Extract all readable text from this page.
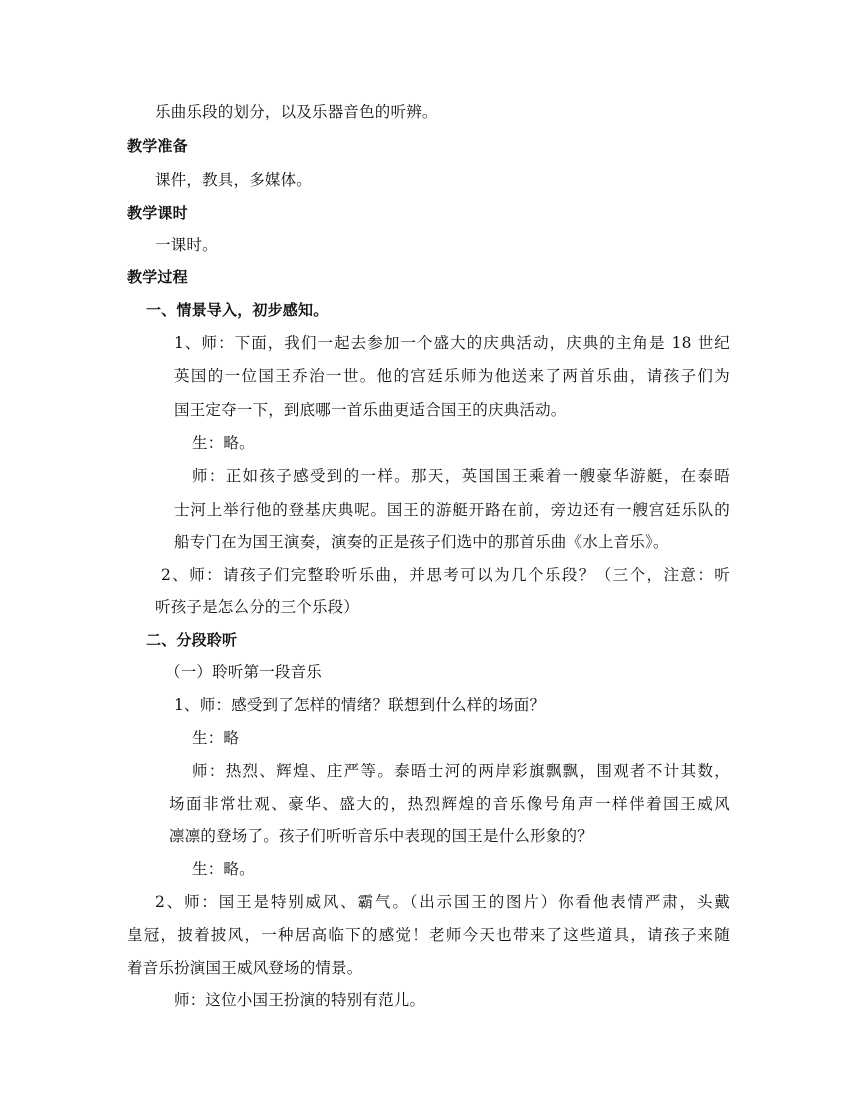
乐曲乐段的划分，以及乐器音色的听辨。
教学准备
课件，教具，多媒体。
教学课时
一课时。
教学过程
一、情景导入，初步感知。
1、师：下面，我们一起去参加一个盛大的庆典活动，庆典的主角是 18 世纪
英国的一位国王乔治一世。他的宫廷乐师为他送来了两首乐曲，请孩子们为
国王定夺一下，到底哪一首乐曲更适合国王的庆典活动。
生：略。
师：正如孩子感受到的一样。那天，英国国王乘着一艘豪华游艇，在泰晤
士河上举行他的登基庆典呢。国王的游艇开路在前，旁边还有一艘宫廷乐队的
船专门在为国王演奏，演奏的正是孩子们选中的那首乐曲《水上音乐》。
2、师：请孩子们完整聆听乐曲，并思考可以为几个乐段？（三个，注意：听
听孩子是怎么分的三个乐段）
二、分段聆听
（一）聆听第一段音乐
1、师：感受到了怎样的情绪？联想到什么样的场面？
生：略
师：热烈、辉煌、庄严等。泰晤士河的两岸彩旗飘飘，围观者不计其数，
场面非常壮观、豪华、盛大的，热烈辉煌的音乐像号角声一样伴着国王威风
凛凛的登场了。孩子们听听音乐中表现的国王是什么形象的？
生：略。
2、师：国王是特别威风、霸气。（出示国王的图片）你看他表情严肃，头戴
皇冠，披着披风，一种居高临下的感觉！老师今天也带来了这些道具，请孩子来随
着音乐扮演国王威风登场的情景。
师：这位小国王扮演的特别有范儿。
